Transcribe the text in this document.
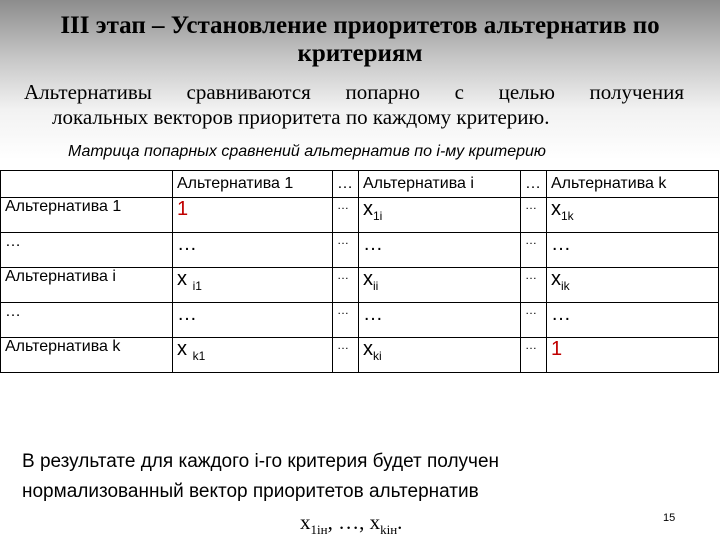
III этап – Установление приоритетов альтернатив по
критериям
Альтернативы сравниваются попарно с целью получения
локальных векторов приоритета по каждому критерию.
Матрица попарных сравнений альтернатив по i-му критерию
	Альтернатива 1	…	Альтернатива i	…	Альтернатива k
Альтернатива 1	1	…	$x_{1i}$	…	$x_{1k}$
…	…	…	…	…	…
Альтернатива i	x $_{i1}$	…	$x_{ii}$	…	$x_{ik}$
…	…	…	…	…	…
Альтернатива k	x $_{k1}$	…	$x_{ki}$	…	1
В результате для каждого i-го критерия будет получен
нормализованный вектор приоритетов альтернатив
$x_{1iн}$, …, $x_{kiн}$.	15
